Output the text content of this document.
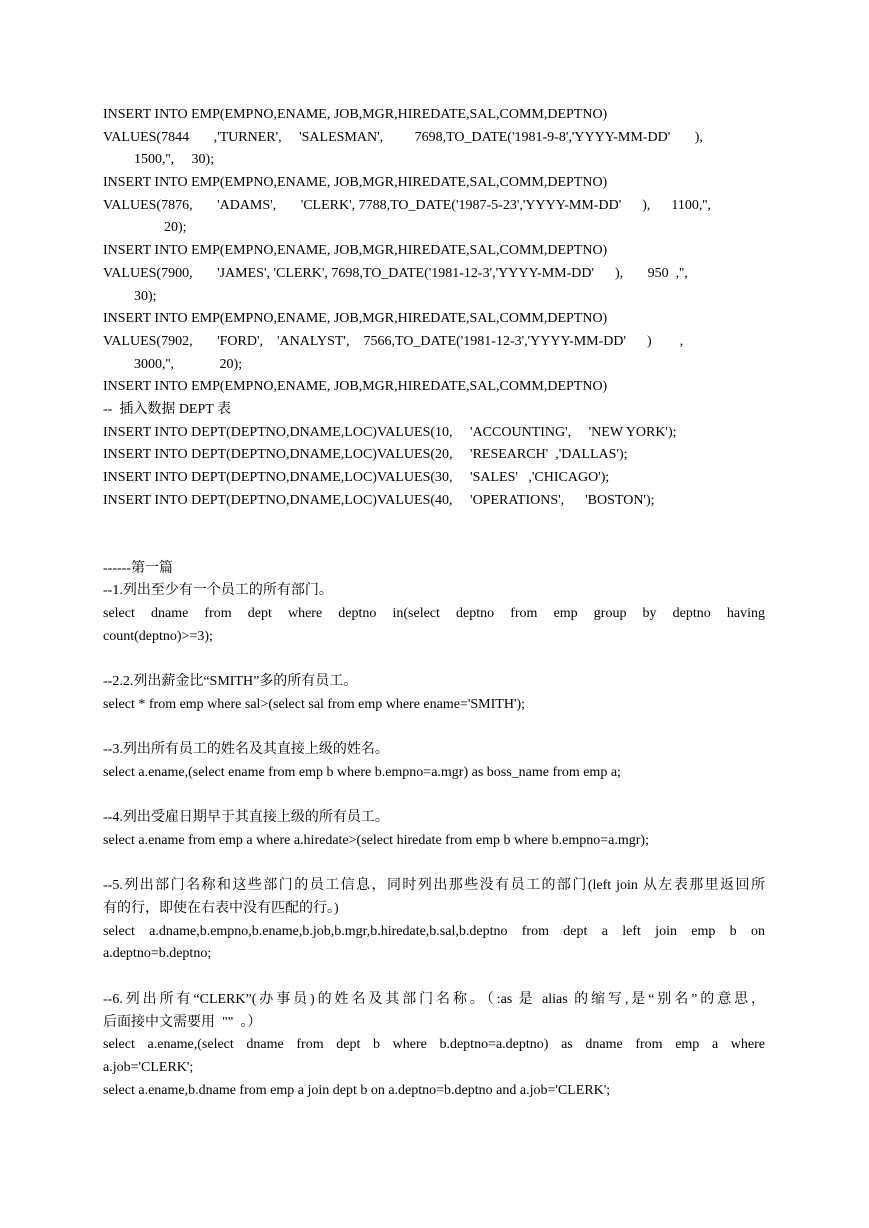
INSERT INTO EMP(EMPNO,ENAME, JOB,MGR,HIREDATE,SAL,COMM,DEPTNO)
VALUES(7844       ,'TURNER',     'SALESMAN',         7698,TO_DATE('1981-9-8','YYYY-MM-DD'       ),
1500,'',     30);
INSERT INTO EMP(EMPNO,ENAME, JOB,MGR,HIREDATE,SAL,COMM,DEPTNO)
VALUES(7876,       'ADAMS',       'CLERK', 7788,TO_DATE('1987-5-23','YYYY-MM-DD'      ),      1100,'',
20);
INSERT INTO EMP(EMPNO,ENAME, JOB,MGR,HIREDATE,SAL,COMM,DEPTNO)
VALUES(7900,       'JAMES', 'CLERK', 7698,TO_DATE('1981-12-3','YYYY-MM-DD'      ),       950  ,'',
30);
INSERT INTO EMP(EMPNO,ENAME, JOB,MGR,HIREDATE,SAL,COMM,DEPTNO)
VALUES(7902,       'FORD',    'ANALYST',    7566,TO_DATE('1981-12-3','YYYY-MM-DD'      )        ,
3000,'',             20);
INSERT INTO EMP(EMPNO,ENAME, JOB,MGR,HIREDATE,SAL,COMM,DEPTNO)
--  插入数据 DEPT 表
INSERT INTO DEPT(DEPTNO,DNAME,LOC)VALUES(10,     'ACCOUNTING',     'NEW YORK');
INSERT INTO DEPT(DEPTNO,DNAME,LOC)VALUES(20,     'RESEARCH'  ,'DALLAS');
INSERT INTO DEPT(DEPTNO,DNAME,LOC)VALUES(30,     'SALES'   ,'CHICAGO');
INSERT INTO DEPT(DEPTNO,DNAME,LOC)VALUES(40,     'OPERATIONS',      'BOSTON');
------第一篇
--1.列出至少有一个员工的所有部门。
select dname from dept where deptno in(select deptno from emp group by deptno having
count(deptno)>=3);
--2.2.列出薪金比“SMITH”多的所有员工。
select * from emp where sal>(select sal from emp where ename='SMITH');
--3.列出所有员工的姓名及其直接上级的姓名。
select a.ename,(select ename from emp b where b.empno=a.mgr) as boss_name from emp a;
--4.列出受雇日期早于其直接上级的所有员工。
select a.ename from emp a where a.hiredate>(select hiredate from emp b where b.empno=a.mgr);
--5.列出部门名称和这些部门的员工信息，同时列出那些没有员工的部门(left join 从左表那里返回所
有的行，即使在右表中没有匹配的行。)
select a.dname,b.empno,b.ename,b.job,b.mgr,b.hiredate,b.sal,b.deptno from dept a left join emp b on
a.deptno=b.deptno;
--6.列出所有“CLERK”(办事员)的姓名及其部门名称。（:as 是 alias 的缩写,是“别名”的意思，
后面接中文需要用  ""  。）
select a.ename,(select dname from dept b where b.deptno=a.deptno) as dname from emp a where
a.job='CLERK';
select a.ename,b.dname from emp a join dept b on a.deptno=b.deptno and a.job='CLERK';
